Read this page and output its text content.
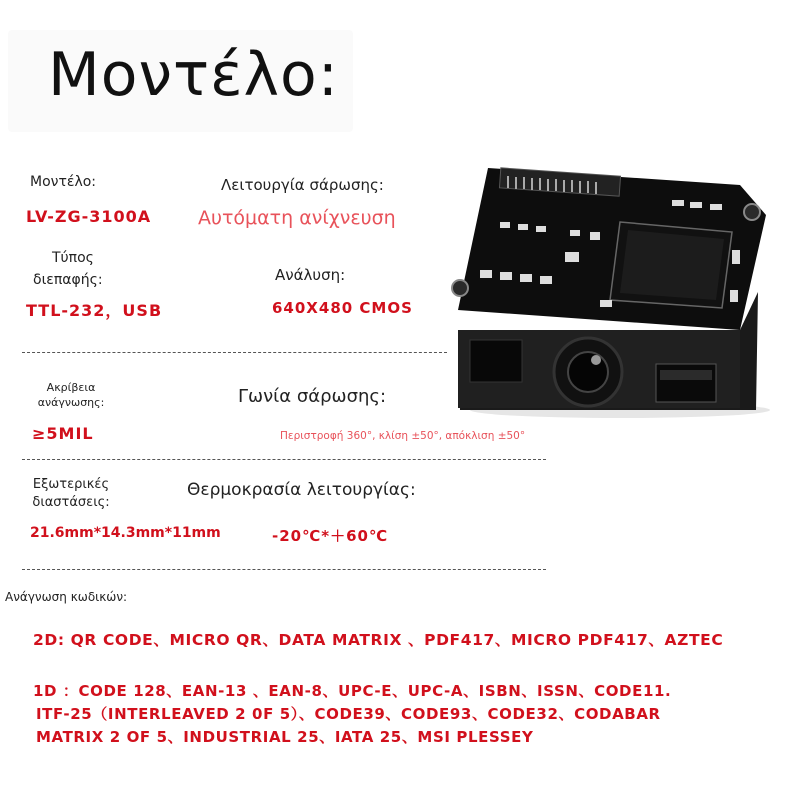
Μοντέλο:
Μοντέλο:	Λειτουργία σάρωσης:
LV-ZG-3100A Αυτόματη ανίχνευση
Τύπος
διεπαφής:	Ανάλυση:
TTL-232，USB	640X480 CMOS
Ακρίβεια
ανάγνωσης:	Γωνία σάρωσης:
≥5MIL	Περιστροφή 360°, κλίση ±50°, απόκλιση ±50°
Εξωτερικές
διαστάσεις:
Θερμοκρασία λειτουργίας:
21.6mm*14.3mm*11mm	-20℃*＋60℃
Ανάγνωση κωδικών:
2D: QR CODE、MICRO QR、DATA MATRIX 、PDF417、MICRO PDF417、AZTEC
1D ：CODE 128、EAN-13 、EAN-8、UPC-E、UPC-A、ISBN、ISSN、CODE11.
ITF-25（INTERLEAVED 2 0F 5）、CODE39、CODE93、CODE32、CODABAR
MATRIX 2 OF 5、INDUSTRIAL 25、IATA 25、MSI PLESSEY
